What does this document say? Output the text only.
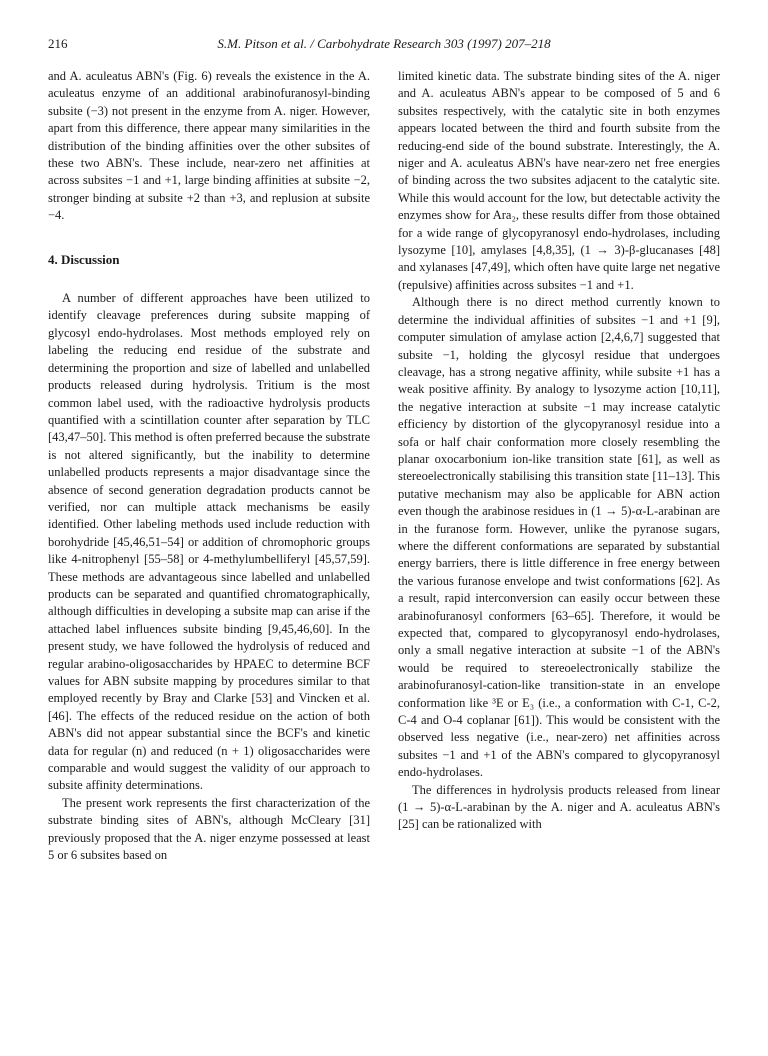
216	S.M. Pitson et al. / Carbohydrate Research 303 (1997) 207–218

and A. aculeatus ABN's (Fig. 6) reveals the existence in the A. aculeatus enzyme of an additional arabinofuranosyl-binding subsite (−3) not present in the enzyme from A. niger. However, apart from this difference, there appear many similarities in the distribution of the binding affinities over the other subsites of these two ABN's. These include, near-zero net affinities at across subsites −1 and +1, large binding affinities at subsite −2, stronger binding at subsite +2 than +3, and replusion at subsite −4.

4. Discussion

A number of different approaches have been utilized to identify cleavage preferences during subsite mapping of glycosyl endo-hydrolases. Most methods employed rely on labeling the reducing end residue of the substrate and determining the proportion and size of labelled and unlabelled products released during hydrolysis. Tritium is the most common label used, with the radioactive hydrolysis products quantified with a scintillation counter after separation by TLC [43,47–50]. This method is often preferred because the substrate is not altered significantly, but the inability to determine unlabelled products represents a major disadvantage since the absence of second generation degradation products cannot be verified, nor can multiple attack mechanisms be easily identified. Other labeling methods used include reduction with borohydride [45,46,51–54] or addition of chromophoric groups like 4-nitrophenyl [55–58] or 4-methylumbelliferyl [45,57,59]. These methods are advantageous since labelled and unlabelled products can be separated and quantified chromatographically, although difficulties in developing a subsite map can arise if the attached label influences subsite binding [9,45,46,60]. In the present study, we have followed the hydrolysis of reduced and regular arabino-oligosaccharides by HPAEC to determine BCF values for ABN subsite mapping by procedures similar to that employed recently by Bray and Clarke [53] and Vincken et al. [46]. The effects of the reduced residue on the action of both ABN's did not appear substantial since the BCF's and kinetic data for regular (n) and reduced (n + 1) oligosaccharides were comparable and would suggest the validity of our approach to subsite affinity determinations.

The present work represents the first characterization of the substrate binding sites of ABN's, although McCleary [31] previously proposed that the A. niger enzyme possessed at least 5 or 6 subsites based on

limited kinetic data. The substrate binding sites of the A. niger and A. aculeatus ABN's appear to be composed of 5 and 6 subsites respectively, with the catalytic site in both enzymes appears located between the third and fourth subsite from the reducing-end side of the bound substrate. Interestingly, the A. niger and A. aculeatus ABN's have near-zero net free energies of binding across the two subsites adjacent to the catalytic site. While this would account for the low, but detectable activity the enzymes show for Ara₂, these results differ from those obtained for a wide range of glycopyranosyl endo-hydrolases, including lysozyme [10], amylases [4,8,35], (1 → 3)-β-glucanases [48] and xylanases [47,49], which often have quite large net negative (repulsive) affinities across subsites −1 and +1.

Although there is no direct method currently known to determine the individual affinities of subsites −1 and +1 [9], computer simulation of amylase action [2,4,6,7] suggested that subsite −1, holding the glycosyl residue that undergoes cleavage, has a strong negative affinity, while subsite +1 has a weak positive affinity. By analogy to lysozyme action [10,11], the negative interaction at subsite −1 may increase catalytic efficiency by distortion of the glycopyranosyl residue into a sofa or half chair conformation more closely resembling the planar oxocarbonium ion-like transition state [61], as well as stereoelectronically stabilising this transition state [11–13]. This putative mechanism may also be applicable for ABN action even though the arabinose residues in (1 → 5)-α-L-arabinan are in the furanose form. However, unlike the pyranose sugars, where the different conformations are separated by substantial energy barriers, there is little difference in free energy between the various furanose envelope and twist conformations [62]. As a result, rapid interconversion can easily occur between these arabinofuranosyl conformers [63–65]. Therefore, it would be expected that, compared to glycopyranosyl endo-hydrolases, only a small negative interaction at subsite −1 of the ABN's would be required to stereoelectronically stabilize the arabinofuranosyl-cation-like transition-state in an envelope conformation like ³E or E₃ (i.e., a conformation with C-1, C-2, C-4 and O-4 coplanar [61]). This would be consistent with the observed less negative (i.e., near-zero) net affinities across subsites −1 and +1 of the ABN's compared to glycopyranosyl endo-hydrolases.

The differences in hydrolysis products released from linear (1 → 5)-α-L-arabinan by the A. niger and A. aculeatus ABN's [25] can be rationalized with
